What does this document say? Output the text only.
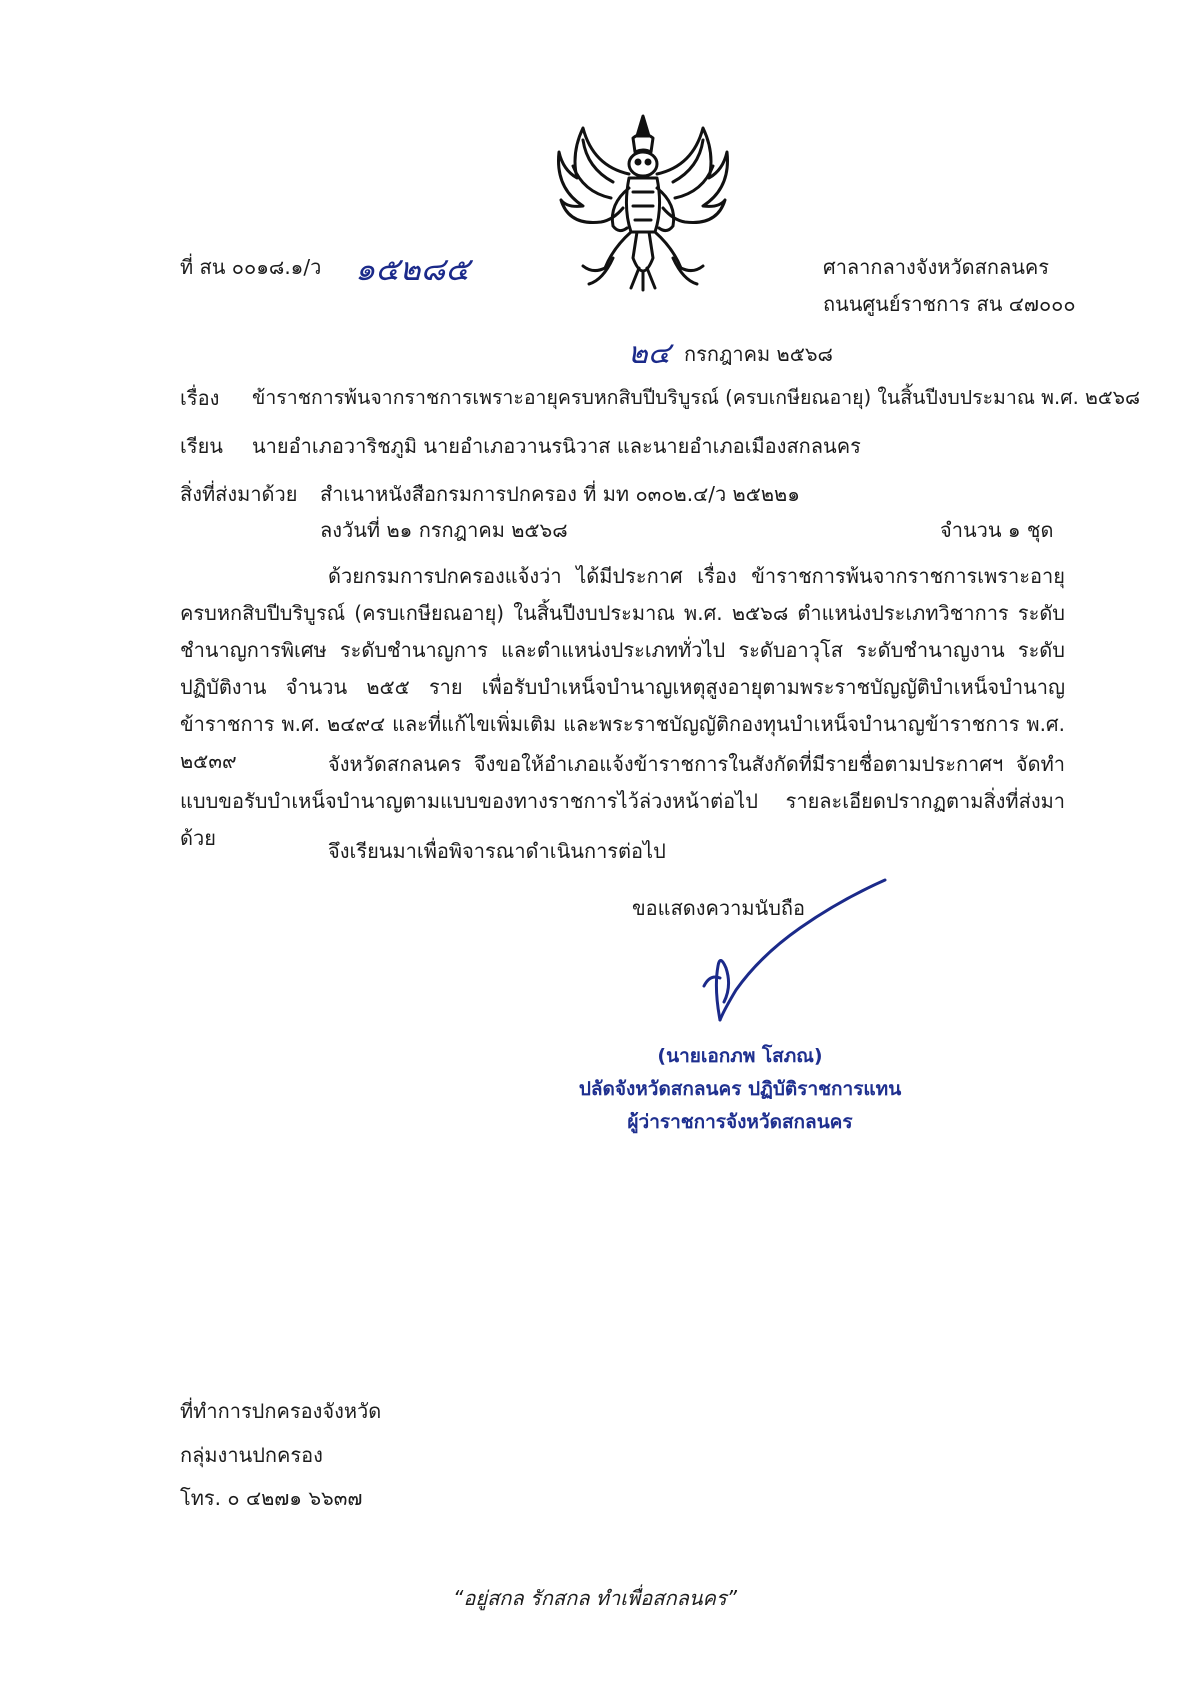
ที่ สน ๐๐๑๘.๑/ว ๑๕๒๘๕	ศาลากลางจังหวัดสกลนคร
ถนนศูนย์ราชการ สน ๔๗๐๐๐
๒๔ กรกฎาคม ๒๕๖๘
เรื่อง ข้าราชการพ้นจากราชการเพราะอายุครบหกสิบปีบริบูรณ์ (ครบเกษียณอายุ) ในสิ้นปีงบประมาณ พ.ศ. ๒๕๖๘
เรียน นายอำเภอวาริชภูมิ นายอำเภอวานรนิวาส และนายอำเภอเมืองสกลนคร
สิ่งที่ส่งมาด้วย สำเนาหนังสือกรมการปกครอง ที่ มท ๐๓๐๒.๔/ว ๒๕๒๒๑
ลงวันที่ ๒๑ กรกฎาคม ๒๕๖๘	จำนวน ๑ ชุด
ด้วยกรมการปกครองแจ้งว่า ได้มีประกาศ เรื่อง ข้าราชการพ้นจากราชการเพราะอายุครบหกสิบปีบริบูรณ์ (ครบเกษียณอายุ) ในสิ้นปีงบประมาณ พ.ศ. ๒๕๖๘ ตำแหน่งประเภทวิชาการ ระดับชำนาญการพิเศษ ระดับชำนาญการ และตำแหน่งประเภททั่วไป ระดับอาวุโส ระดับชำนาญงาน ระดับปฏิบัติงาน จำนวน ๒๕๕ ราย เพื่อรับบำเหน็จบำนาญเหตุสูงอายุตามพระราชบัญญัติบำเหน็จบำนาญข้าราชการ พ.ศ. ๒๔๙๔ และที่แก้ไขเพิ่มเติม และพระราชบัญญัติกองทุนบำเหน็จบำนาญข้าราชการ พ.ศ. ๒๕๓๙	จังหวัดสกลนคร จึงขอให้อำเภอแจ้งข้าราชการในสังกัดที่มีรายชื่อตามประกาศฯ จัดทำแบบขอรับบำเหน็จบำนาญตามแบบของทางราชการไว้ล่วงหน้าต่อไป รายละเอียดปรากฏตามสิ่งที่ส่งมาด้วย
จึงเรียนมาเพื่อพิจารณาดำเนินการต่อไป
ขอแสดงความนับถือ
(นายเอกภพ โสภณ)
ปลัดจังหวัดสกลนคร ปฏิบัติราชการแทน
ผู้ว่าราชการจังหวัดสกลนคร
ที่ทำการปกครองจังหวัด
กลุ่มงานปกครอง
โทร. ๐ ๔๒๗๑ ๖๖๓๗
“อยู่สกล รักสกล ทำเพื่อสกลนคร”
